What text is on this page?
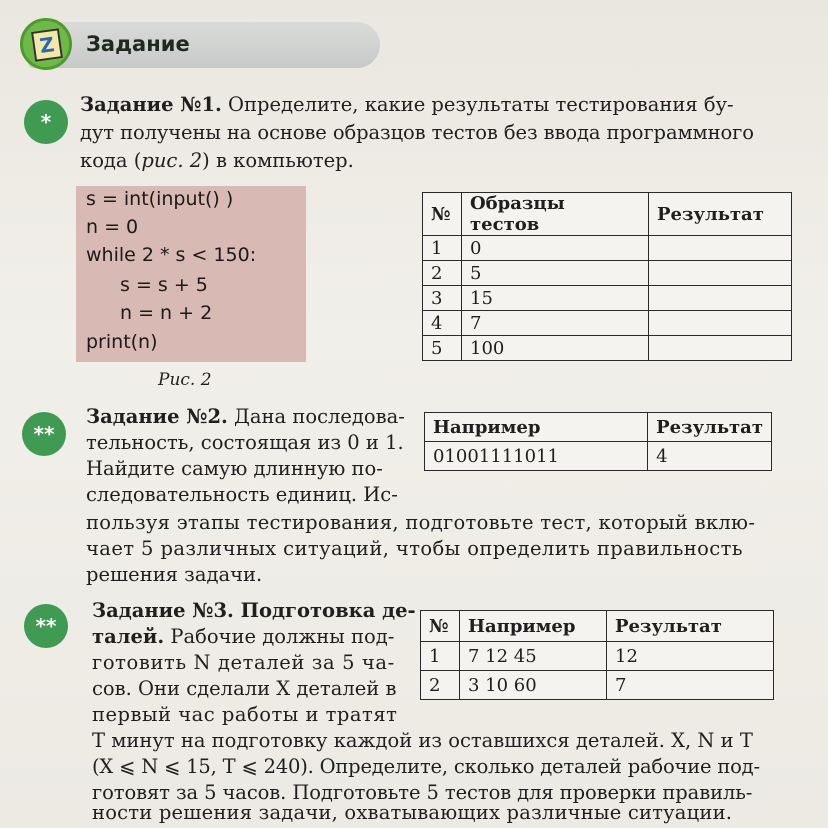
Z	Задание
*

Задание №1. Определите, какие результаты тестирования бу-

дут получены на основе образцов тестов без ввода программного

кода (рис. 2) в компьютер.

s = int(input() )
n = 0
while 2 * s < 150:
s = s + 5
n = n + 2
print(n)
Рис. 2
№	Образцы тестов	Результат
1	0	
2	5	
3	15	
4	7	
5	100	
**

Задание №2. Дана последова-

тельность, состоящая из 0 и 1.

Найдите самую длинную по-

следовательность единиц. Ис-

пользуя этапы тестирования, подготовьте тест, который вклю-

чает 5 различных ситуаций, чтобы определить правильность

решения задачи.

Например	Результат
01001111011	4
**

Задание №3. Подготовка де-

талей. Рабочие должны под-

готовить N деталей за 5 ча-

сов. Они сделали X деталей в

первый час работы и тратят

T минут на подготовку каждой из оставшихся деталей. X, N и T

(X ⩽ N ⩽ 15, T ⩽ 240). Определите, сколько деталей рабочие под-

готовят за 5 часов. Подготовьте 5 тестов для проверки правиль-

ности решения задачи, охватывающих различные ситуации.

№	Например	Результат
1	7 12 45	12
2	3 10 60	7
